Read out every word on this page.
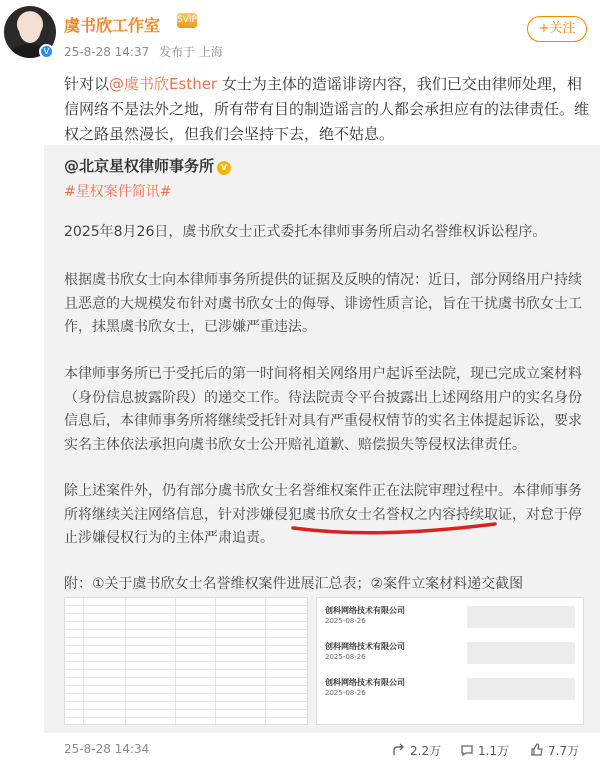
V
虞书欣工作室 SVIP
25-8-28 14:37 发布于 上海
+关注
针对以@虞书欣Esther 女士为主体的造谣诽谤内容，我们已交由律师处理，相信网络不是法外之地，所有带有目的制造谣言的人都会承担应有的法律责任。维权之路虽然漫长，但我们会坚持下去，绝不姑息。
@北京星权律师事务所 V
#星权案件简讯#
2025年8月26日，虞书欣女士正式委托本律师事务所启动名誉维权诉讼程序。
根据虞书欣女士向本律师事务所提供的证据及反映的情况：近日，部分网络用户持续且恶意的大规模发布针对虞书欣女士的侮辱、诽谤性质言论，旨在干扰虞书欣女士工作，抹黑虞书欣女士，已涉嫌严重违法。
本律师事务所已于受托后的第一时间将相关网络用户起诉至法院，现已完成立案材料（身份信息披露阶段）的递交工作。待法院责令平台披露出上述网络用户的实名身份信息后，本律师事务所将继续受托针对具有严重侵权情节的实名主体提起诉讼，要求实名主体依法承担向虞书欣女士公开赔礼道歉、赔偿损失等侵权法律责任。
除上述案件外，仍有部分虞书欣女士名誉维权案件正在法院审理过程中。本律师事务所将继续关注网络信息，针对涉嫌侵犯虞书欣女士名誉权之内容持续取证，对怠于停止涉嫌侵权行为的主体严肃追责。
附：①关于虞书欣女士名誉维权案件进展汇总表；②案件立案材料递交截图
创科网络技术有限公司
2025-08-26
创科网络技术有限公司
2025-08-26
创科网络技术有限公司
2025-08-26
25-8-28 14:34	2.2万	1.1万	7.7万
